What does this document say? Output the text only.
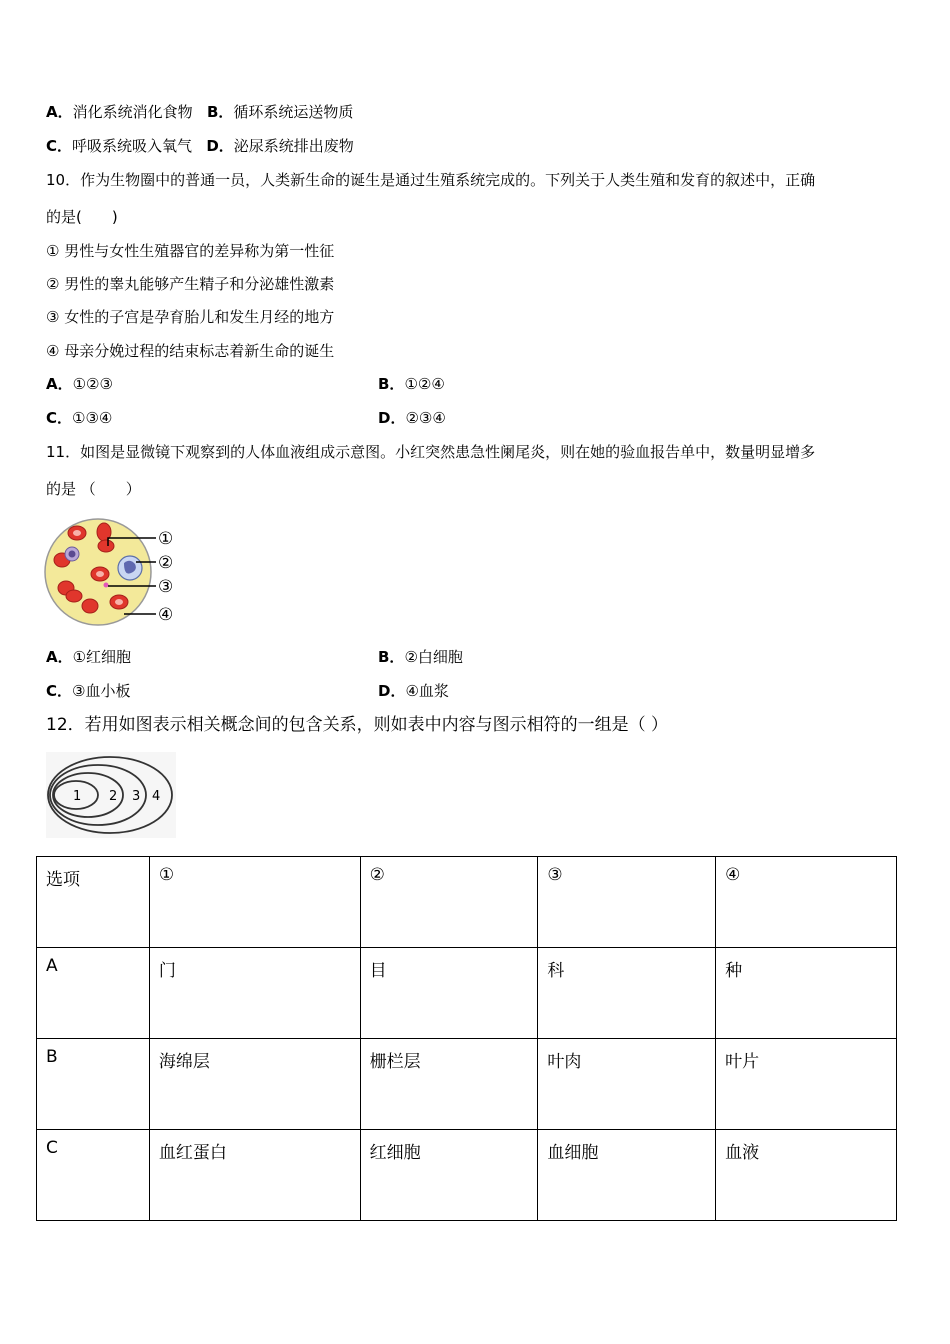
A．消化系统消化食物 B．循环系统运送物质
C．呼吸系统吸入氧气 D．泌尿系统排出废物
10．作为生物圈中的普通一员，人类新生命的诞生是通过生殖系统完成的。下列关于人类生殖和发育的叙述中，正确
的是(　　)
① 男性与女性生殖器官的差异称为第一性征
② 男性的睾丸能够产生精子和分泌雄性激素
③ 女性的子宫是孕育胎儿和发生月经的地方
④ 母亲分娩过程的结束标志着新生命的诞生
A．①②③	B．①②④
C．①③④	D．②③④
11．如图是显微镜下观察到的人体血液组成示意图。小红突然患急性阑尾炎，则在她的验血报告单中，数量明显增多
的是 （　　）
①
②
③
④
A．①红细胞	B．②白细胞
C．③血小板	D．④血浆
12．若用如图表示相关概念间的包含关系，则如表中内容与图示相符的一组是（ ）
1 2 3 4
选项	①	②	③	④
A	门	目	科	种
B	海绵层	栅栏层	叶肉	叶片
C	血红蛋白	红细胞	血细胞	血液
